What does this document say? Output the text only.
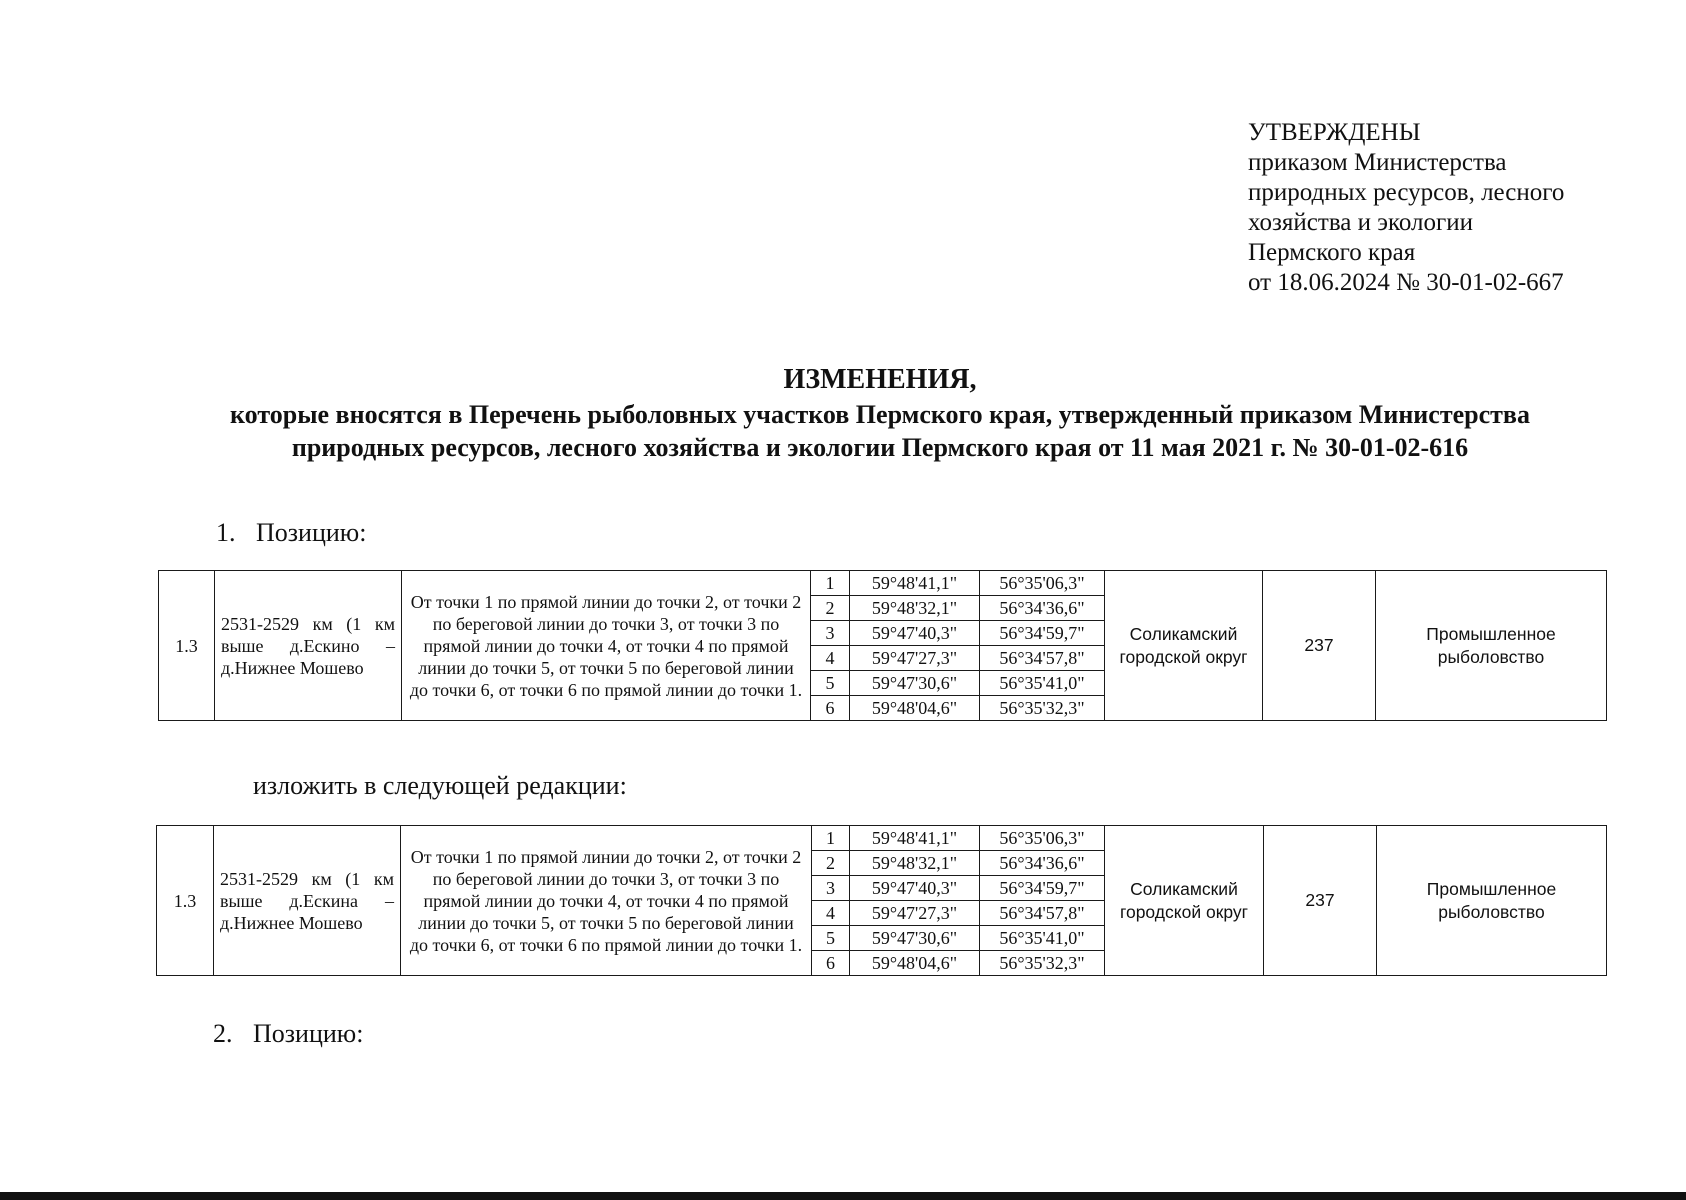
УТВЕРЖДЕНЫ
приказом Министерства
природных ресурсов, лесного
хозяйства и экологии
Пермского края
от 18.06.2024 № 30-01-02-667
ИЗМЕНЕНИЯ,
которые вносятся в Перечень рыболовных участков Пермского края, утвержденный приказом Министерства
природных ресурсов, лесного хозяйства и экологии Пермского края от 11 мая 2021 г. № 30-01-02-616
1. Позицию:
1.3	2531-2529 км (1 км выше д.Ескино – д.Нижнее Мошево	От точки 1 по прямой линии до точки 2, от точки 2 по береговой линии до точки 3, от точки 3 по прямой линии до точки 4, от точки 4 по прямой линии до точки 5, от точки 5 по береговой линии до точки 6, от точки 6 по прямой линии до точки 1.	1	59°48'41,1"	56°35'06,3"	Соликамский городской округ	237	Промышленное рыболовство
			2	59°48'32,1"	56°34'36,6"			
			3	59°47'40,3"	56°34'59,7"			
			4	59°47'27,3"	56°34'57,8"			
			5	59°47'30,6"	56°35'41,0"			
			6	59°48'04,6"	56°35'32,3"			
изложить в следующей редакции:
1.3	2531-2529 км (1 км выше д.Ескина – д.Нижнее Мошево	От точки 1 по прямой линии до точки 2, от точки 2 по береговой линии до точки 3, от точки 3 по прямой линии до точки 4, от точки 4 по прямой линии до точки 5, от точки 5 по береговой линии до точки 6, от точки 6 по прямой линии до точки 1.	1	59°48'41,1"	56°35'06,3"	Соликамский городской округ	237	Промышленное рыболовство
			2	59°48'32,1"	56°34'36,6"			
			3	59°47'40,3"	56°34'59,7"			
			4	59°47'27,3"	56°34'57,8"			
			5	59°47'30,6"	56°35'41,0"			
			6	59°48'04,6"	56°35'32,3"			
2. Позицию:
